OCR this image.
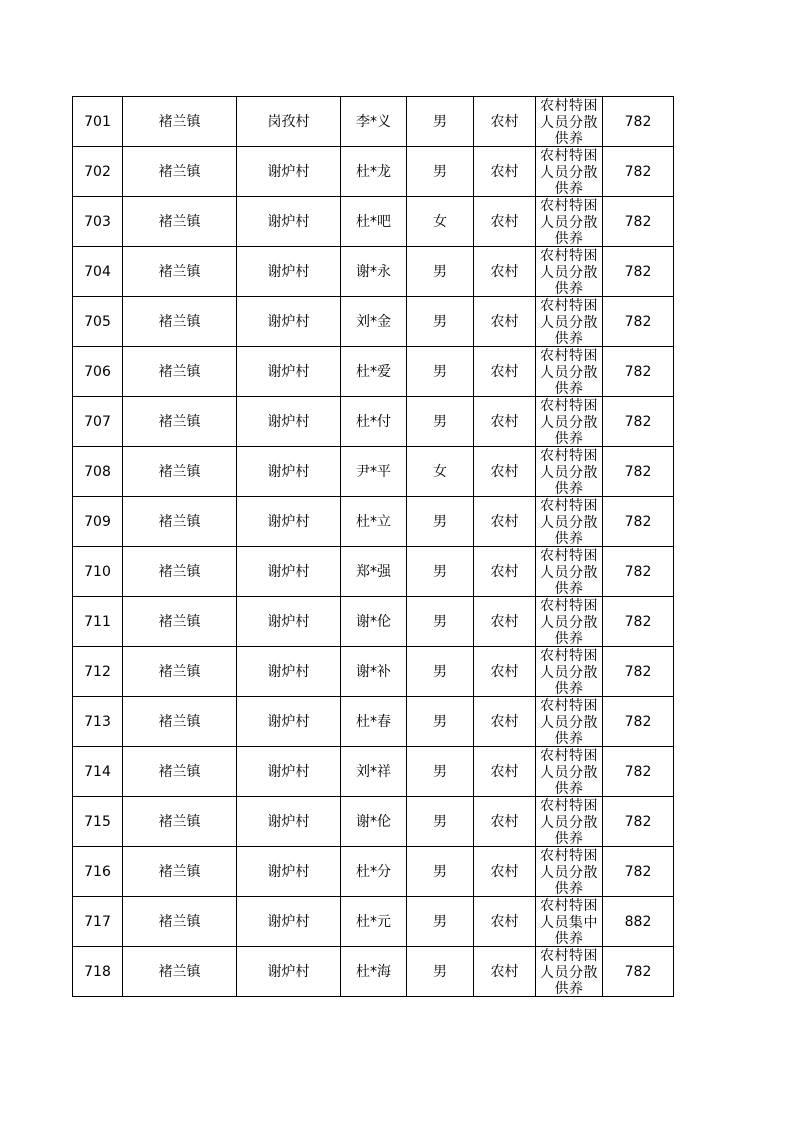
701	褚兰镇	岗孜村	李*义	男	农村	农村特困人员分散供养	782
702	褚兰镇	谢炉村	杜*龙	男	农村	农村特困人员分散供养	782
703	褚兰镇	谢炉村	杜*吧	女	农村	农村特困人员分散供养	782
704	褚兰镇	谢炉村	谢*永	男	农村	农村特困人员分散供养	782
705	褚兰镇	谢炉村	刘*金	男	农村	农村特困人员分散供养	782
706	褚兰镇	谢炉村	杜*爱	男	农村	农村特困人员分散供养	782
707	褚兰镇	谢炉村	杜*付	男	农村	农村特困人员分散供养	782
708	褚兰镇	谢炉村	尹*平	女	农村	农村特困人员分散供养	782
709	褚兰镇	谢炉村	杜*立	男	农村	农村特困人员分散供养	782
710	褚兰镇	谢炉村	郑*强	男	农村	农村特困人员分散供养	782
711	褚兰镇	谢炉村	谢*伦	男	农村	农村特困人员分散供养	782
712	褚兰镇	谢炉村	谢*补	男	农村	农村特困人员分散供养	782
713	褚兰镇	谢炉村	杜*春	男	农村	农村特困人员分散供养	782
714	褚兰镇	谢炉村	刘*祥	男	农村	农村特困人员分散供养	782
715	褚兰镇	谢炉村	谢*伦	男	农村	农村特困人员分散供养	782
716	褚兰镇	谢炉村	杜*分	男	农村	农村特困人员分散供养	782
717	褚兰镇	谢炉村	杜*元	男	农村	农村特困人员集中供养	882
718	褚兰镇	谢炉村	杜*海	男	农村	农村特困人员分散供养	782
